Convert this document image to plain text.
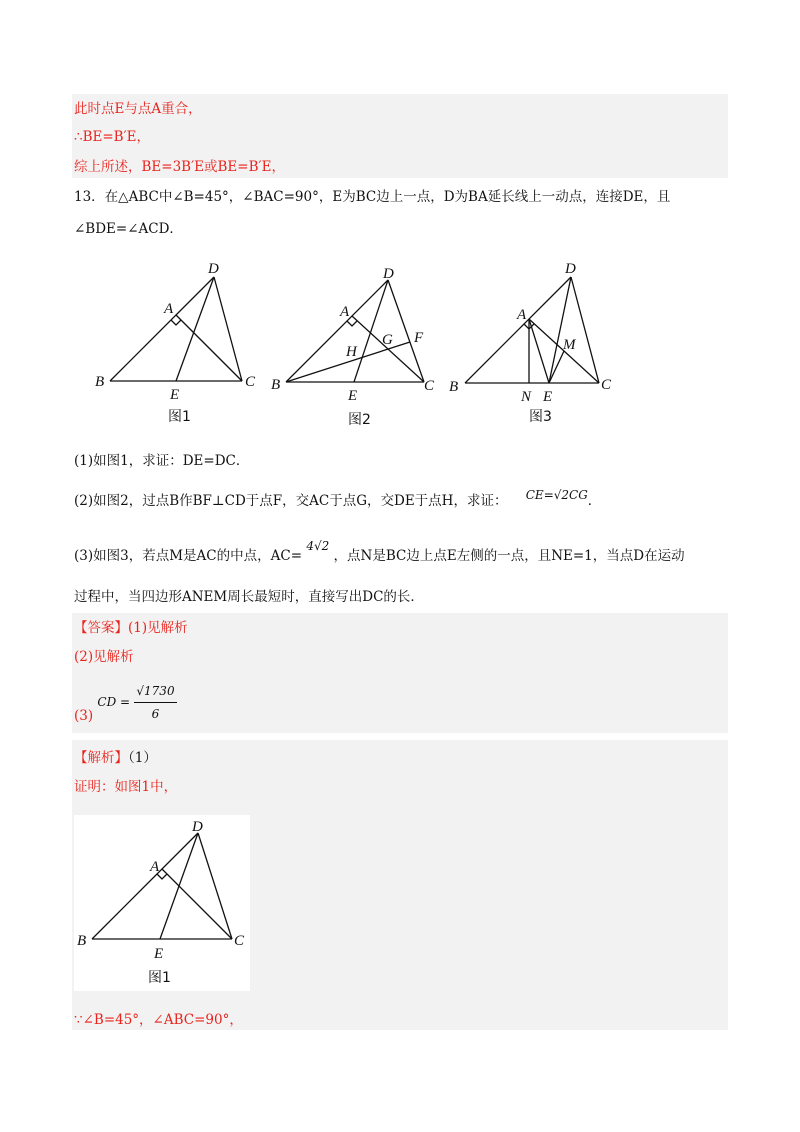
此时点E与点A重合，
∴BE=B′E，
综上所述，BE=3B′E或BE=B′E，
13．在△ABC中∠B=45°，∠BAC=90°，E为BC边上一点，D为BA延长线上一动点，连接DE，且
∠BDE=∠ACD．
D
A
B
E
C
图1
D
A
G F
H
B
E
C
图2
D
A
M
B
N E
C
图3
(1)如图1，求证：DE=DC．
(2)如图2，过点B作BF⊥CD于点F，交AC于点G，交DE于点H，求证： CE=√2CG．
(3)如图3，若点M是AC的中点，AC= 4√2 ，点N是BC边上点E左侧的一点，且NE=1，当点D在运动
过程中，当四边形ANEM周长最短时，直接写出DC的长．
【答案】(1)见解析
(2)见解析
(3) CD = $\frac{√1730}{6}$
【解析】（1）
证明：如图1中，
D
A
B
E
C
图1
∵∠B=45°，∠ABC=90°，
